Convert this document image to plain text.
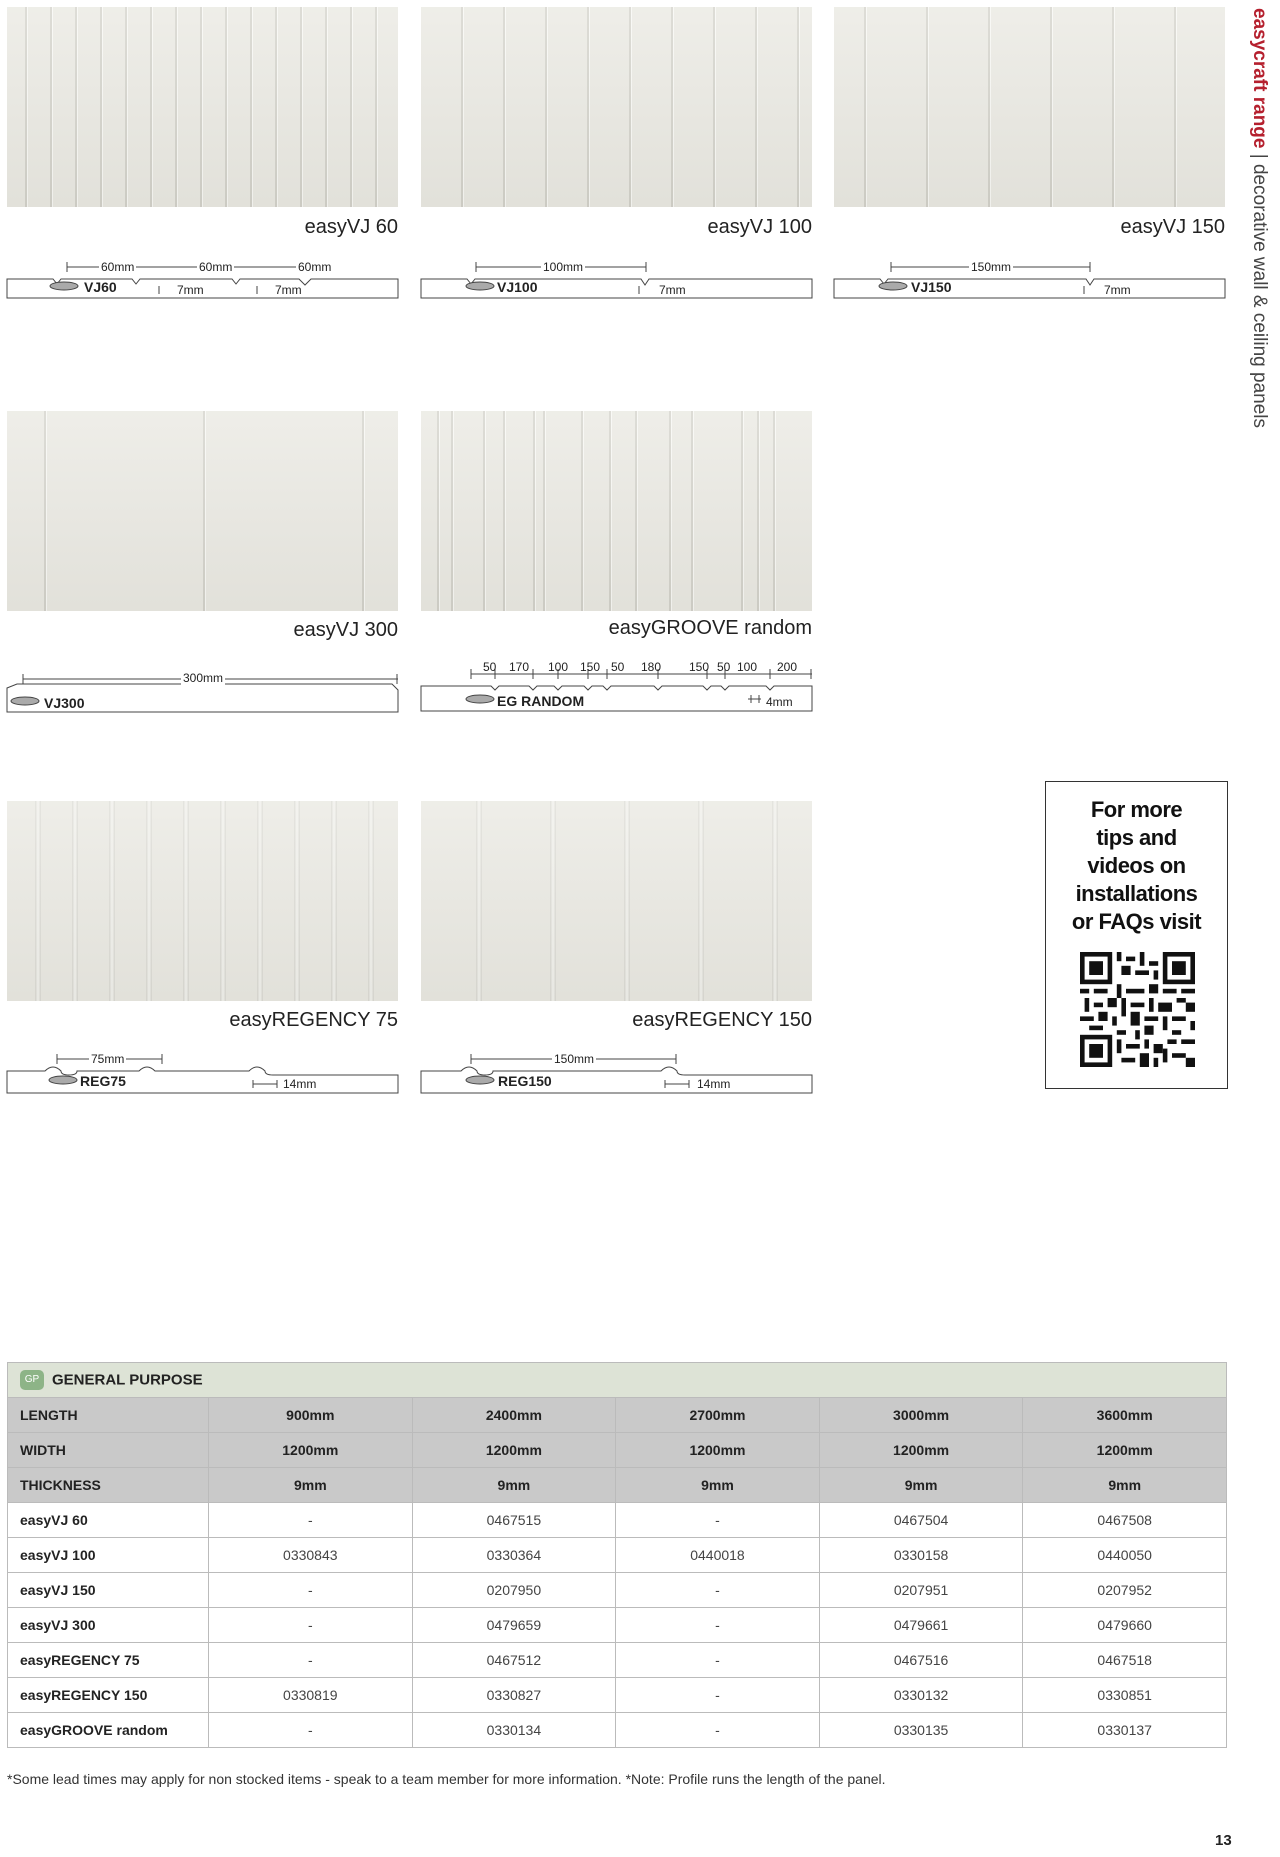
easycraft range | decorative wall & ceiling panels
easyVJ 60
60mm	60mm	60mm
VJ60	7mm	7mm
easyVJ 100
100mm
VJ100	7mm
easyVJ 150
150mm
VJ150	7mm
easyVJ 300
300mm
VJ300
easyGROOVE random
50 170 100 150 50 180 150 50 100 200
EG RANDOM	4mm
easyREGENCY 75
75mm
REG75	14mm
easyREGENCY 150
150mm
REG150	14mm
For more
tips and
videos on
installations
or FAQs visit
GP GENERAL PURPOSE					
LENGTH	900mm	2400mm	2700mm	3000mm	3600mm
WIDTH	1200mm	1200mm	1200mm	1200mm	1200mm
THICKNESS	9mm	9mm	9mm	9mm	9mm
easyVJ 60	-	0467515	-	0467504	0467508
easyVJ 100	0330843	0330364	0440018	0330158	0440050
easyVJ 150	-	0207950	-	0207951	0207952
easyVJ 300	-	0479659	-	0479661	0479660
easyREGENCY 75	-	0467512	-	0467516	0467518
easyREGENCY 150	0330819	0330827	-	0330132	0330851
easyGROOVE random	-	0330134	-	0330135	0330137
*Some lead times may apply for non stocked items - speak to a team member for more information. *Note: Profile runs the length of the panel.
13
